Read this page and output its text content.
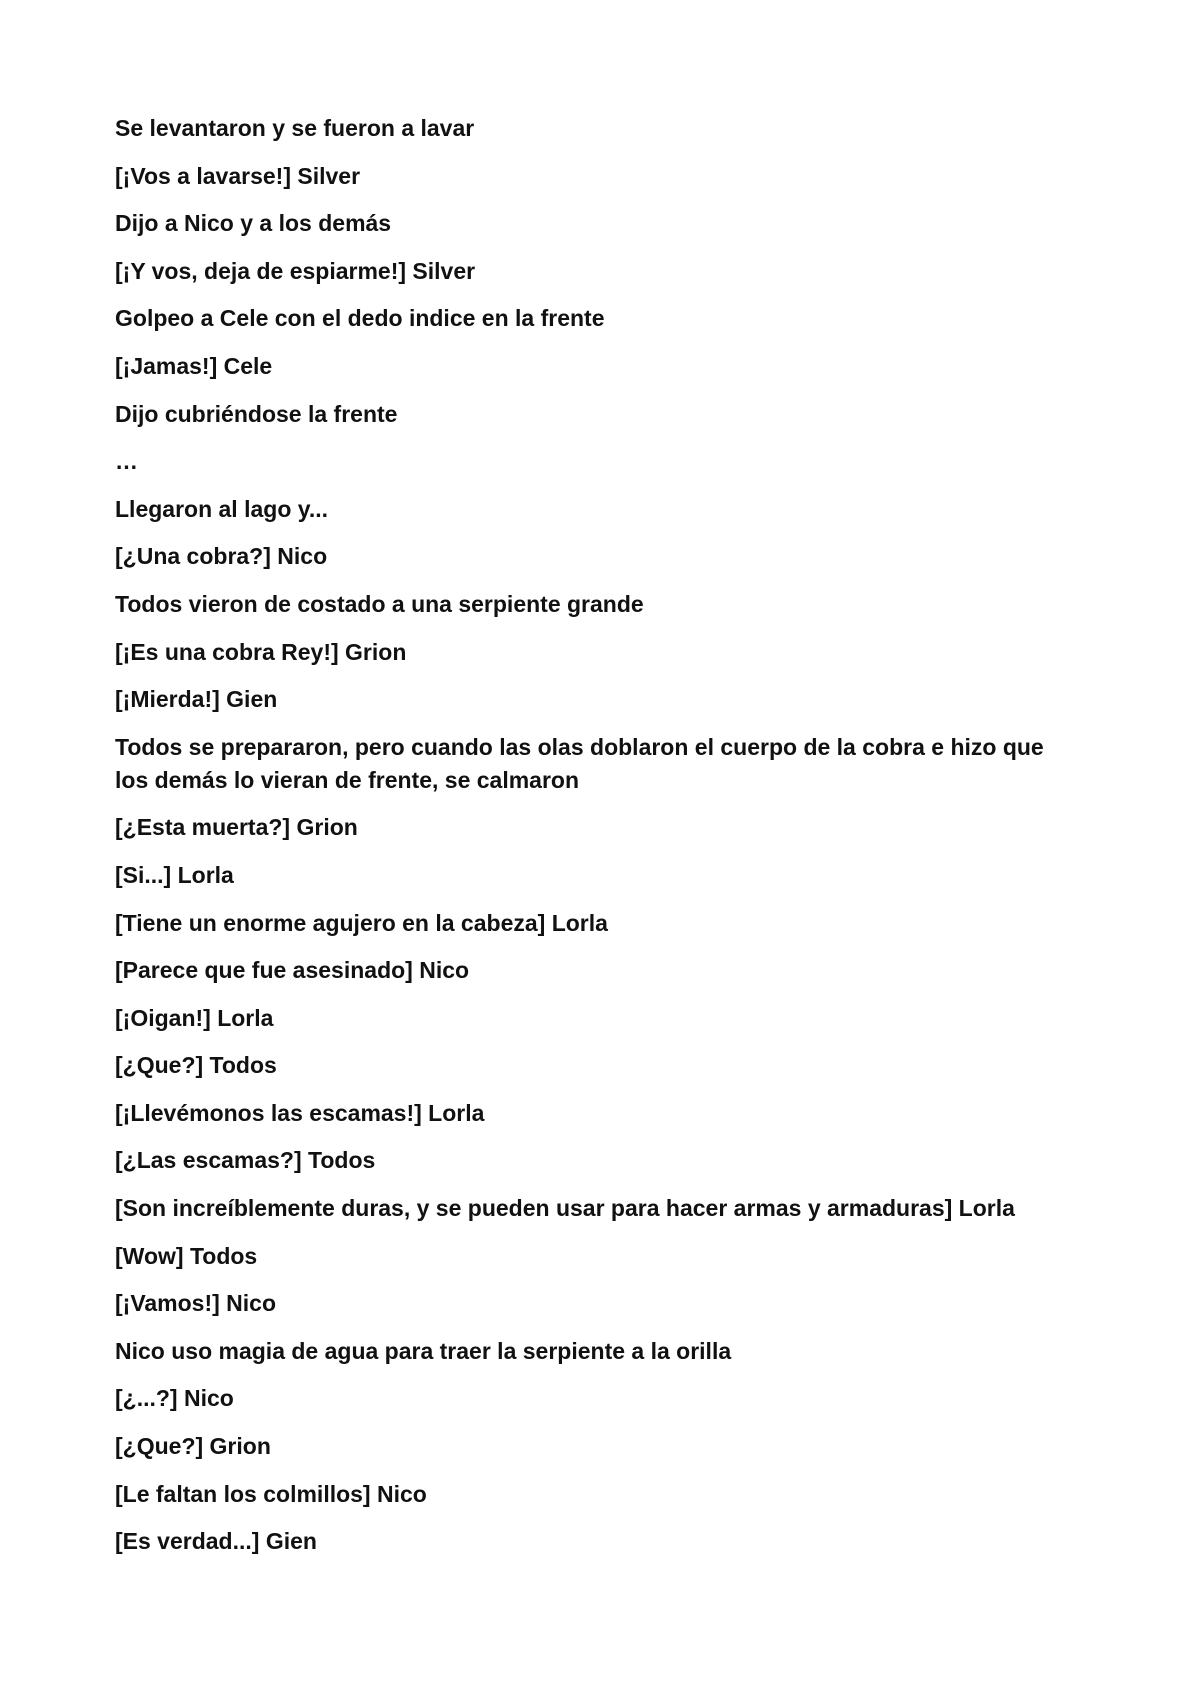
Se levantaron y se fueron a lavar

[¡Vos a lavarse!] Silver

Dijo a Nico y a los demás

[¡Y vos, deja de espiarme!] Silver

Golpeo a Cele con el dedo indice en la frente

[¡Jamas!] Cele

Dijo cubriéndose la frente

…

Llegaron al lago y...

[¿Una cobra?] Nico

Todos vieron de costado a una serpiente grande

[¡Es una cobra Rey!] Grion

[¡Mierda!] Gien

Todos se prepararon, pero cuando las olas doblaron el cuerpo de la cobra e hizo que los demás lo vieran de frente, se calmaron

[¿Esta muerta?] Grion

[Si...] Lorla

[Tiene un enorme agujero en la cabeza] Lorla

[Parece que fue asesinado] Nico

[¡Oigan!] Lorla

[¿Que?] Todos

[¡Llevémonos las escamas!] Lorla

[¿Las escamas?] Todos

[Son increíblemente duras, y se pueden usar para hacer armas y armaduras] Lorla

[Wow] Todos

[¡Vamos!] Nico

Nico uso magia de agua para traer la serpiente a la orilla

[¿...?] Nico

[¿Que?] Grion

[Le faltan los colmillos] Nico

[Es verdad...] Gien
